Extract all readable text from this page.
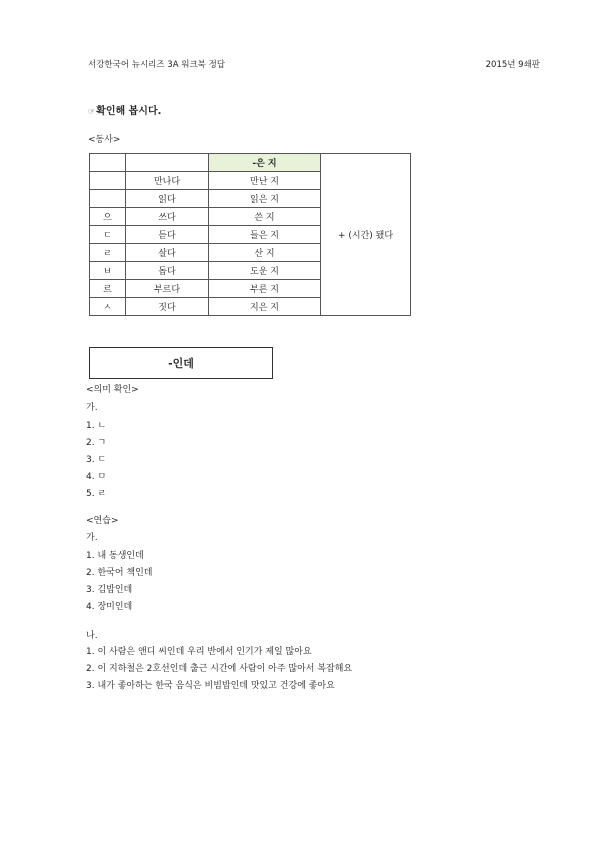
서강한국어 뉴시리즈 3A 워크북 정답	2015년 9쇄판
☞확인해 봅시다.
<동사>
		-은 지	+ (시간) 됐다
	만나다	만난 지	
	읽다	읽은 지	
으	쓰다	쓴 지	
ㄷ	듣다	들은 지	
ㄹ	살다	산 지	
ㅂ	돕다	도운 지	
르	부르다	부른 지	
ㅅ	짓다	지은 지	
-인데
<의미 확인>
가.
1. ㄴ
2. ㄱ
3. ㄷ
4. ㅁ
5. ㄹ
<연습>
가.
1. 내 동생인데
2. 한국어 책인데
3. 김밥인데
4. 장미인데
나.
1. 이 사람은 앤디 씨인데 우리 반에서 인기가 제일 많아요
2. 이 지하철은 2호선인데 출근 시간에 사람이 아주 많아서 복잡해요
3. 내가 좋아하는 한국 음식은 비빔밥인데 맛있고 건강에 좋아요
